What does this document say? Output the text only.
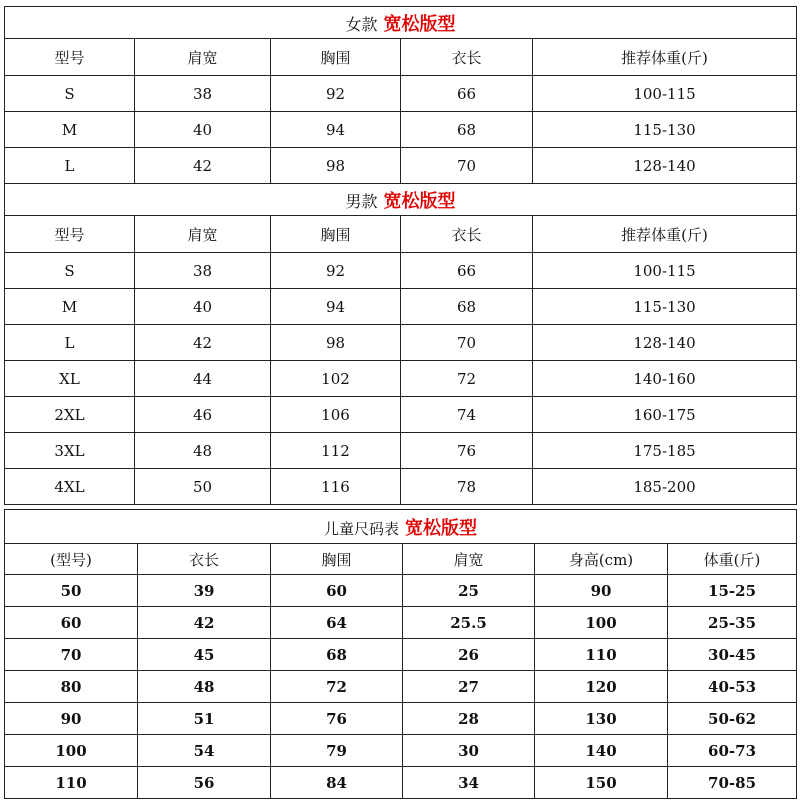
女款 宽松版型				
型号	肩宽	胸围	衣长	推荐体重(斤)
S	38	92	66	100-115
M	40	94	68	115-130
L	42	98	70	128-140
男款 宽松版型				
型号	肩宽	胸围	衣长	推荐体重(斤)
S	38	92	66	100-115
M	40	94	68	115-130
L	42	98	70	128-140
XL	44	102	72	140-160
2XL	46	106	74	160-175
3XL	48	112	76	175-185
4XL	50	116	78	185-200
儿童尺码表 宽松版型					
(型号)	衣长	胸围	肩宽	身高(cm)	体重(斤)
50	39	60	25	90	15-25
60	42	64	25.5	100	25-35
70	45	68	26	110	30-45
80	48	72	27	120	40-53
90	51	76	28	130	50-62
100	54	79	30	140	60-73
110	56	84	34	150	70-85
